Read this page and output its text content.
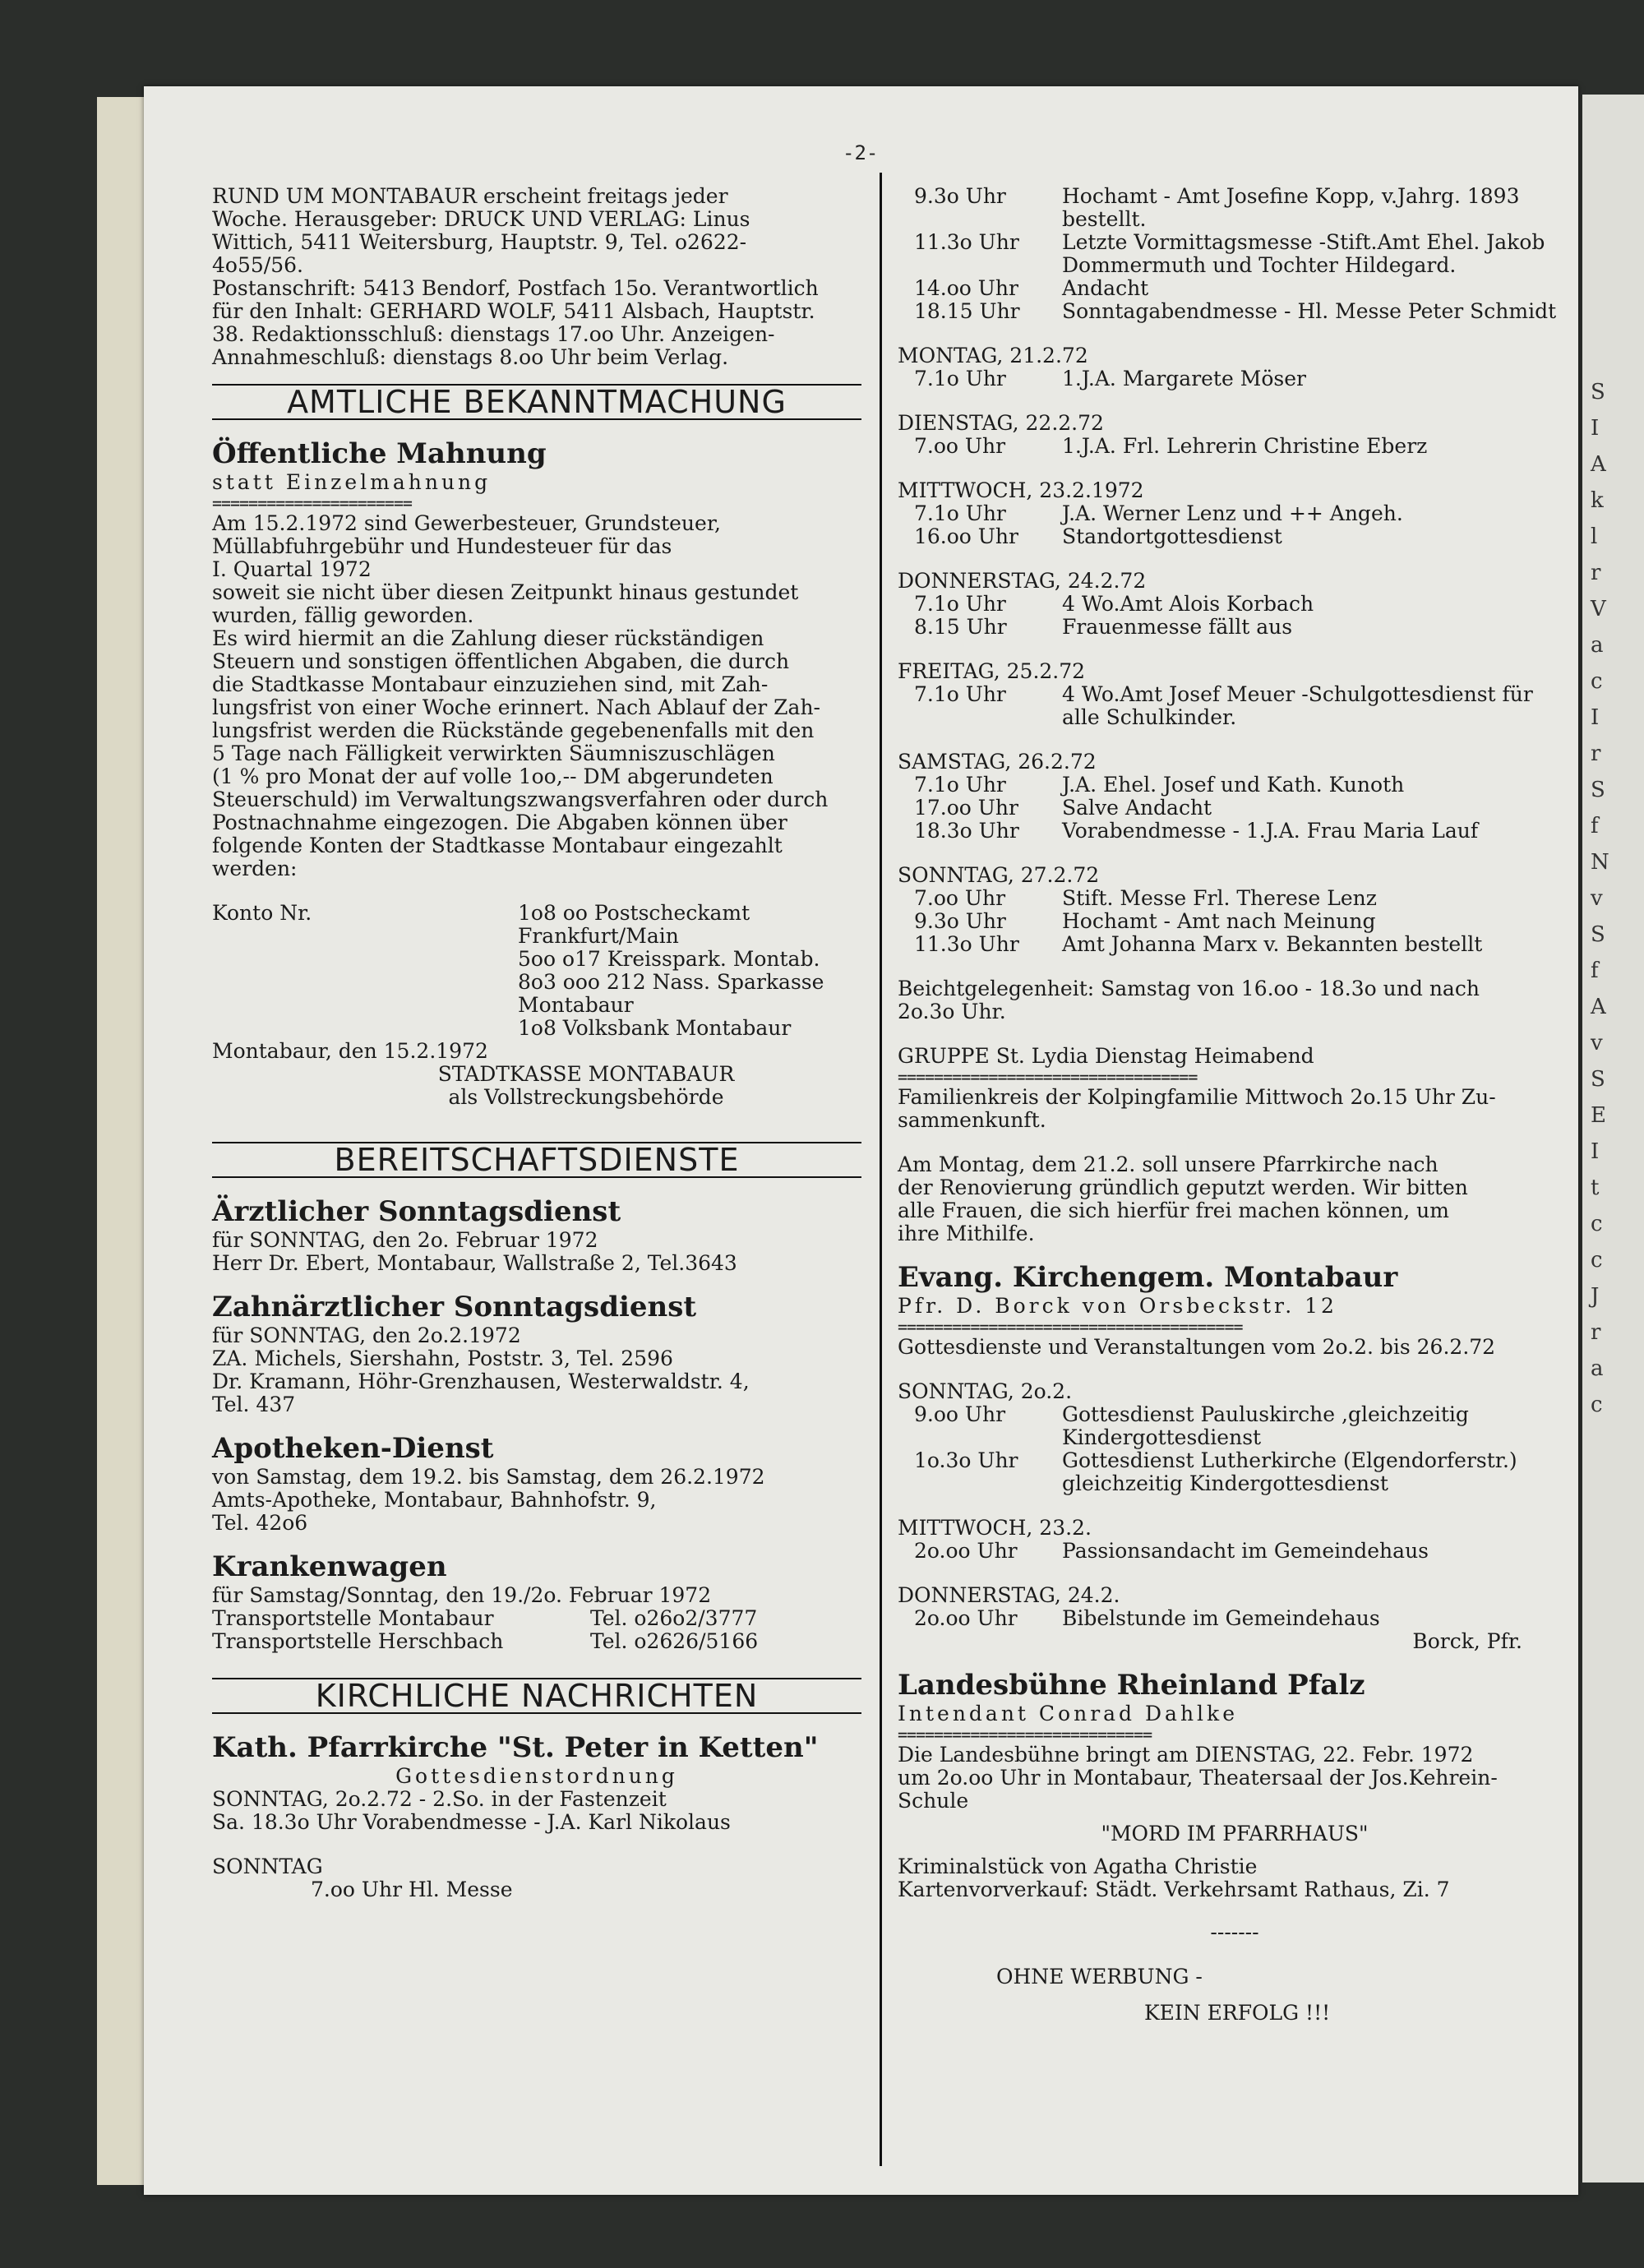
S
I
A
k
l
r
V
a
c
I
r
S
f
N
v
S
f
A
v
S
E
I
t
c
c
J
r
a
c
-2-

RUND UM MONTABAUR erscheint freitags jeder

Woche. Herausgeber: DRUCK UND VERLAG: Linus

Wittich, 5411 Weitersburg, Hauptstr. 9, Tel. o2622-

4o55/56.

Postanschrift: 5413 Bendorf, Postfach 15o. Verantwortlich

für den Inhalt: GERHARD WOLF, 5411 Alsbach, Hauptstr.

38. Redaktionsschluß: dienstags 17.oo Uhr. Anzeigen-

Annahmeschluß: dienstags 8.oo Uhr beim Verlag.

AMTLICHE BEKANNTMACHUNG
Öffentliche Mahnung

statt Einzelmahnung

======================

Am 15.2.1972 sind Gewerbesteuer, Grundsteuer,

Müllabfuhrgebühr und Hundesteuer für das

I. Quartal 1972

soweit sie nicht über diesen Zeitpunkt hinaus gestundet

wurden, fällig geworden.

Es wird hiermit an die Zahlung dieser rückständigen

Steuern und sonstigen öffentlichen Abgaben, die durch

die Stadtkasse Montabaur einzuziehen sind, mit Zah-

lungsfrist von einer Woche erinnert. Nach Ablauf der Zah-

lungsfrist werden die Rückstände gegebenenfalls mit den

5 Tage nach Fälligkeit verwirkten Säumniszuschlägen

(1 % pro Monat der auf volle 1oo,-- DM abgerundeten

Steuerschuld) im Verwaltungszwangsverfahren oder durch

Postnachnahme eingezogen. Die Abgaben können über

folgende Konten der Stadtkasse Montabaur eingezahlt

werden:

Konto Nr.	1o8 oo Postscheckamt

Frankfurt/Main

5oo o17 Kreisspark. Montab.

8o3 ooo 212 Nass. Sparkasse

Montabaur

1o8 Volksbank Montabaur

Montabaur, den 15.2.1972

STADTKASSE MONTABAUR

als Vollstreckungsbehörde

BEREITSCHAFTSDIENSTE
Ärztlicher Sonntagsdienst

für SONNTAG, den 2o. Februar 1972

Herr Dr. Ebert, Montabaur, Wallstraße 2, Tel.3643

Zahnärztlicher Sonntagsdienst

für SONNTAG, den 2o.2.1972

ZA. Michels, Siershahn, Poststr. 3, Tel. 2596

Dr. Kramann, Höhr-Grenzhausen, Westerwaldstr. 4,

Tel. 437

Apotheken-Dienst

von Samstag, dem 19.2. bis Samstag, dem 26.2.1972

Amts-Apotheke, Montabaur, Bahnhofstr. 9,

Tel. 42o6

Krankenwagen

für Samstag/Sonntag, den 19./2o. Februar 1972

Transportstelle Montabaur	Tel. o26o2/3777
Transportstelle Herschbach	Tel. o2626/5166
KIRCHLICHE NACHRICHTEN
Kath. Pfarrkirche "St. Peter in Ketten"

Gottesdienstordnung

SONNTAG, 2o.2.72 - 2.So. in der Fastenzeit

Sa. 18.3o Uhr Vorabendmesse - J.A. Karl Nikolaus

SONNTAG

7.oo Uhr Hl. Messe

9.3o Uhr	Hochamt - Amt Josefine Kopp, v.Jahrg. 1893 bestellt.
11.3o Uhr	Letzte Vormittagsmesse -Stift.Amt Ehel. Jakob Dommermuth und Tochter Hildegard.
14.oo Uhr	Andacht
18.15 Uhr	Sonntagabendmesse - Hl. Messe Peter Schmidt

MONTAG, 21.2.72

7.1o Uhr	1.J.A. Margarete Möser

DIENSTAG, 22.2.72

7.oo Uhr	1.J.A. Frl. Lehrerin Christine Eberz

MITTWOCH, 23.2.1972

7.1o Uhr	J.A. Werner Lenz und ++ Angeh.
16.oo Uhr	Standortgottesdienst

DONNERSTAG, 24.2.72

7.1o Uhr	4 Wo.Amt Alois Korbach
8.15 Uhr	Frauenmesse fällt aus

FREITAG, 25.2.72

7.1o Uhr	4 Wo.Amt Josef Meuer -Schulgottesdienst für alle Schulkinder.

SAMSTAG, 26.2.72

7.1o Uhr	J.A. Ehel. Josef und Kath. Kunoth
17.oo Uhr	Salve Andacht
18.3o Uhr	Vorabendmesse - 1.J.A. Frau Maria Lauf

SONNTAG, 27.2.72

7.oo Uhr	Stift. Messe Frl. Therese Lenz
9.3o Uhr	Hochamt - Amt nach Meinung
11.3o Uhr	Amt Johanna Marx v. Bekannten bestellt

Beichtgelegenheit: Samstag von 16.oo - 18.3o und nach

2o.3o Uhr.

GRUPPE St. Lydia Dienstag Heimabend

=================================

Familienkreis der Kolpingfamilie Mittwoch 2o.15 Uhr Zu-

sammenkunft.

Am Montag, dem 21.2. soll unsere Pfarrkirche nach

der Renovierung gründlich geputzt werden. Wir bitten

alle Frauen, die sich hierfür frei machen können, um

ihre Mithilfe.

Evang. Kirchengem. Montabaur

Pfr. D. Borck von Orsbeckstr. 12

======================================

Gottesdienste und Veranstaltungen vom 2o.2. bis 26.2.72

SONNTAG, 2o.2.

9.oo Uhr	Gottesdienst Pauluskirche ,gleichzeitig Kindergottesdienst
1o.3o Uhr	Gottesdienst Lutherkirche (Elgendorferstr.) gleichzeitig Kindergottesdienst

MITTWOCH, 23.2.

2o.oo Uhr	Passionsandacht im Gemeindehaus

DONNERSTAG, 24.2.

2o.oo Uhr	Bibelstunde im Gemeindehaus

Borck, Pfr.

Landesbühne Rheinland Pfalz

Intendant Conrad Dahlke

============================

Die Landesbühne bringt am DIENSTAG, 22. Febr. 1972

um 2o.oo Uhr in Montabaur, Theatersaal der Jos.Kehrein-

Schule

"MORD IM PFARRHAUS"

Kriminalstück von Agatha Christie

Kartenvorverkauf: Städt. Verkehrsamt Rathaus, Zi. 7

-------

OHNE WERBUNG -

KEIN ERFOLG !!!
